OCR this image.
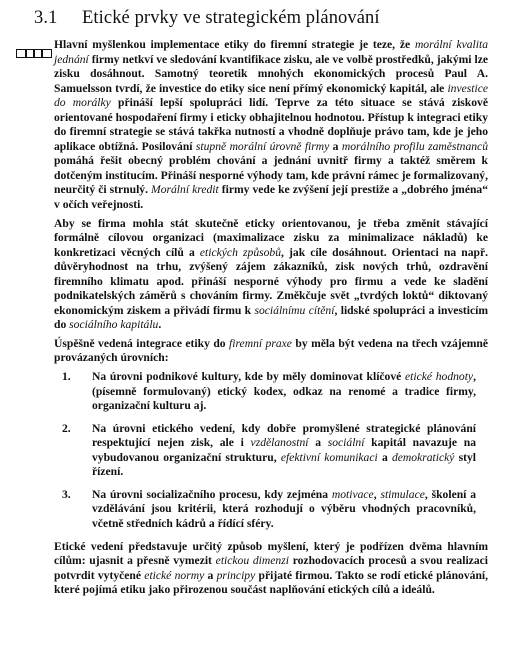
3.1 Etické prvky ve strategickém plánování

Hlavní myšlenkou implementace etiky do firemní strategie je teze, že morální kvalita jednání firmy netkví ve sledování kvantifikace zisku, ale ve volbě prostředků, jakými lze zisku dosáhnout. Samotný teoretik mnohých ekonomických procesů Paul A. Samuelsson tvrdí, že investice do etiky sice není přímý ekonomický kapitál, ale investice do morálky přináší lepší spolupráci lidí. Teprve za této situace se stává ziskově orientované hospodaření firmy i eticky obhajitelnou hodnotou. Přístup k integraci etiky do firemní strategie se stává takřka nutností a vhodně doplňuje právo tam, kde je jeho aplikace obtížná. Posilování stupně morální úrovně firmy a morálního profilu zaměstnanců pomáhá řešit obecný problém chování a jednání uvnitř firmy a taktéž směrem k dotčeným institucím. Přináší nesporné výhody tam, kde právní rámec je formalizovaný, neurčitý či strnulý. Morální kredit firmy vede ke zvýšení její prestiže a „dobrého jména“ v očích veřejnosti.

Aby se firma mohla stát skutečně eticky orientovanou, je třeba změnit stávající formálně cílovou organizaci (maximalizace zisku za minimalizace nákladů) ke konkretizaci věcných cílů a etických způsobů, jak cíle dosáhnout. Orientaci na např. důvěryhodnost na trhu, zvýšený zájem zákazníků, zisk nových trhů, ozdravění firemního klimatu apod. přináší nesporné výhody pro firmu a vede ke sladění podnikatelských záměrů s chováním firmy. Změkčuje svět „tvrdých loktů“ diktovaný ekonomickým ziskem a přivádí firmu k sociálnímu cítění, lidské spolupráci a investicím do sociálního kapitálu.

Úspěšně vedená integrace etiky do firemní praxe by měla být vedena na třech vzájemně provázaných úrovních:

1. Na úrovni podnikové kultury, kde by měly dominovat klíčové etické hodnoty, (písemně formulovaný) etický kodex, odkaz na renomé a tradice firmy, organizační kulturu aj.
2. Na úrovni etického vedení, kdy dobře promyšlené strategické plánování respektující nejen zisk, ale i vzdělanostní a sociální kapitál navazuje na vybudovanou organizační strukturu, efektivní komunikaci a demokratický styl řízení.
3. Na úrovni socializačního procesu, kdy zejména motivace, stimulace, školení a vzdělávání jsou kritérii, která rozhodují o výběru vhodných pracovníků, včetně středních kádrů a řídící sféry.

Etické vedení představuje určitý způsob myšlení, který je podřízen dvěma hlavním cílům: ujasnit a přesně vymezit etickou dimenzi rozhodovacích procesů a svou realizaci potvrdit vytyčené etické normy a principy přijaté firmou. Takto se rodí etické plánování, které pojímá etiku jako přirozenou součást naplňování etických cílů a ideálů.
